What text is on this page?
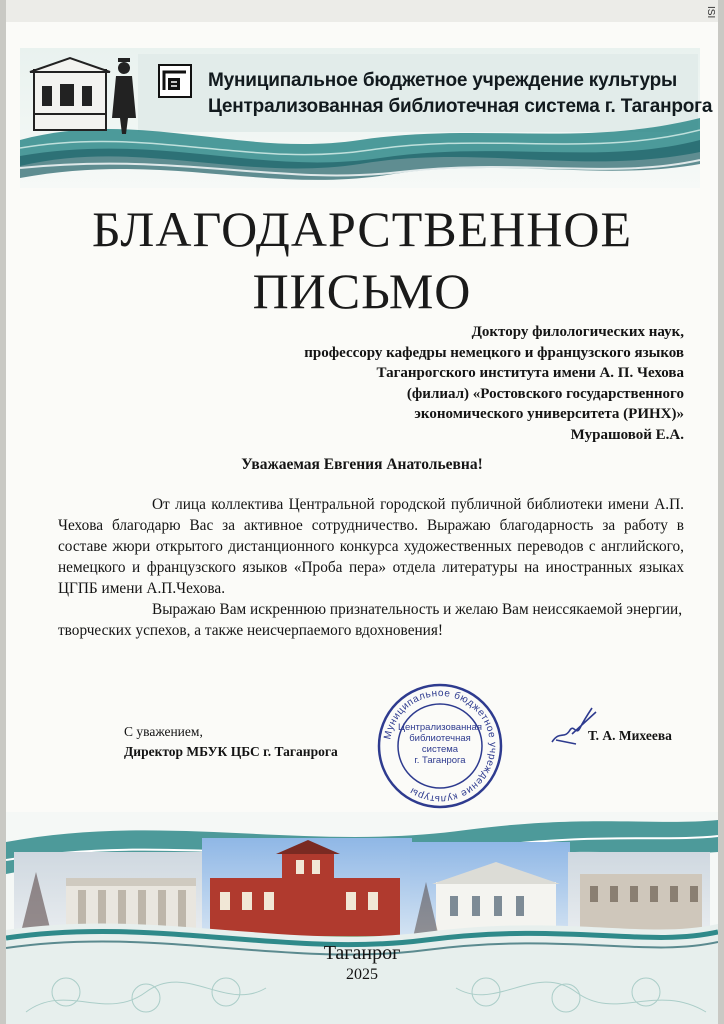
ISI
Муниципальное бюджетное учреждение культуры
Централизованная библиотечная система г. Таганрога
БЛАГОДАРСТВЕННОЕ
ПИСЬМО
Доктору филологических наук,
профессору кафедры немецкого и французского языков
Таганрогского института имени А. П. Чехова
(филиал) «Ростовского государственного
экономического университета (РИНХ)»
Мурашовой Е.А.
Уважаемая Евгения Анатольевна!

От лица коллектива Центральной городской публичной библиотеки имени А.П. Чехова благодарю Вас за активное сотрудничество. Выражаю благодарность за работу в составе жюри открытого дистанционного конкурса художественных переводов с английского, немецкого и французского языков «Проба пера» отдела литературы на иностранных языках ЦГПБ имени А.П.Чехова.

Выражаю Вам искреннюю признательность и желаю Вам неиссякаемой энергии, творческих успехов, а также неисчерпаемого вдохновения!

С уважением,
Директор МБУК ЦБС г. Таганрога
Муниципальное бюджетное учреждение культуры
Централизованная
библиотечная
система
г. Таганрога
Т. А. Михеева
Таганрог
2025
